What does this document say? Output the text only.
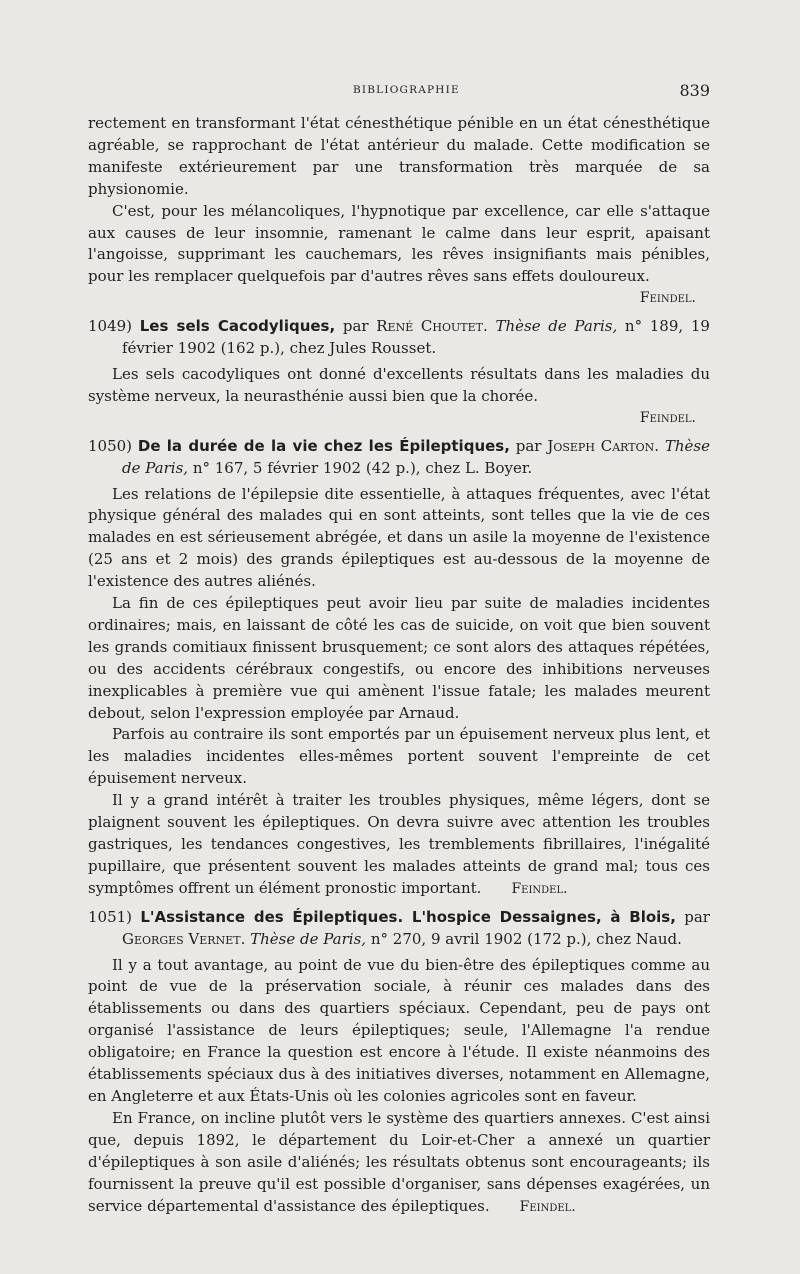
BIBLIOGRAPHIE	839

rectement en transformant l'état cénesthétique pénible en un état cénesthétique agréable, se rapprochant de l'état antérieur du malade. Cette modification se manifeste extérieurement par une transformation très marquée de sa physionomie.

C'est, pour les mélancoliques, l'hypnotique par excellence, car elle s'attaque aux causes de leur insomnie, ramenant le calme dans leur esprit, apaisant l'angoisse, supprimant les cauchemars, les rêves insignifiants mais pénibles, pour les remplacer quelquefois par d'autres rêves sans effets douloureux.

Feindel.

1049) Les sels Cacodyliques, par René Choutet. Thèse de Paris, n° 189, 19 février 1902 (162 p.), chez Jules Rousset.

Les sels cacodyliques ont donné d'excellents résultats dans les maladies du système nerveux, la neurasthénie aussi bien que la chorée.

Feindel.

1050) De la durée de la vie chez les Épileptiques, par Joseph Carton. Thèse de Paris, n° 167, 5 février 1902 (42 p.), chez L. Boyer.

Les relations de l'épilepsie dite essentielle, à attaques fréquentes, avec l'état physique général des malades qui en sont atteints, sont telles que la vie de ces malades en est sérieusement abrégée, et dans un asile la moyenne de l'existence (25 ans et 2 mois) des grands épileptiques est au-dessous de la moyenne de l'existence des autres aliénés.

La fin de ces épileptiques peut avoir lieu par suite de maladies incidentes ordinaires; mais, en laissant de côté les cas de suicide, on voit que bien souvent les grands comitiaux finissent brusquement; ce sont alors des attaques répétées, ou des accidents cérébraux congestifs, ou encore des inhibitions nerveuses inexplicables à première vue qui amènent l'issue fatale; les malades meurent debout, selon l'expression employée par Arnaud.

Parfois au contraire ils sont emportés par un épuisement nerveux plus lent, et les maladies incidentes elles-mêmes portent souvent l'empreinte de cet épuisement nerveux.

Il y a grand intérêt à traiter les troubles physiques, même légers, dont se plaignent souvent les épileptiques. On devra suivre avec attention les troubles gastriques, les tendances congestives, les tremblements fibrillaires, l'inégalité pupillaire, que présentent souvent les malades atteints de grand mal; tous ces symptômes offrent un élément pronostic important. Feindel.

1051) L'Assistance des Épileptiques. L'hospice Dessaignes, à Blois, par Georges Vernet. Thèse de Paris, n° 270, 9 avril 1902 (172 p.), chez Naud.

Il y a tout avantage, au point de vue du bien-être des épileptiques comme au point de vue de la préservation sociale, à réunir ces malades dans des établissements ou dans des quartiers spéciaux. Cependant, peu de pays ont organisé l'assistance de leurs épileptiques; seule, l'Allemagne l'a rendue obligatoire; en France la question est encore à l'étude. Il existe néanmoins des établissements spéciaux dus à des initiatives diverses, notamment en Allemagne, en Angleterre et aux États-Unis où les colonies agricoles sont en faveur.

En France, on incline plutôt vers le système des quartiers annexes. C'est ainsi que, depuis 1892, le département du Loir-et-Cher a annexé un quartier d'épileptiques à son asile d'aliénés; les résultats obtenus sont encourageants; ils fournissent la preuve qu'il est possible d'organiser, sans dépenses exagérées, un service départemental d'assistance des épileptiques. Feindel.
